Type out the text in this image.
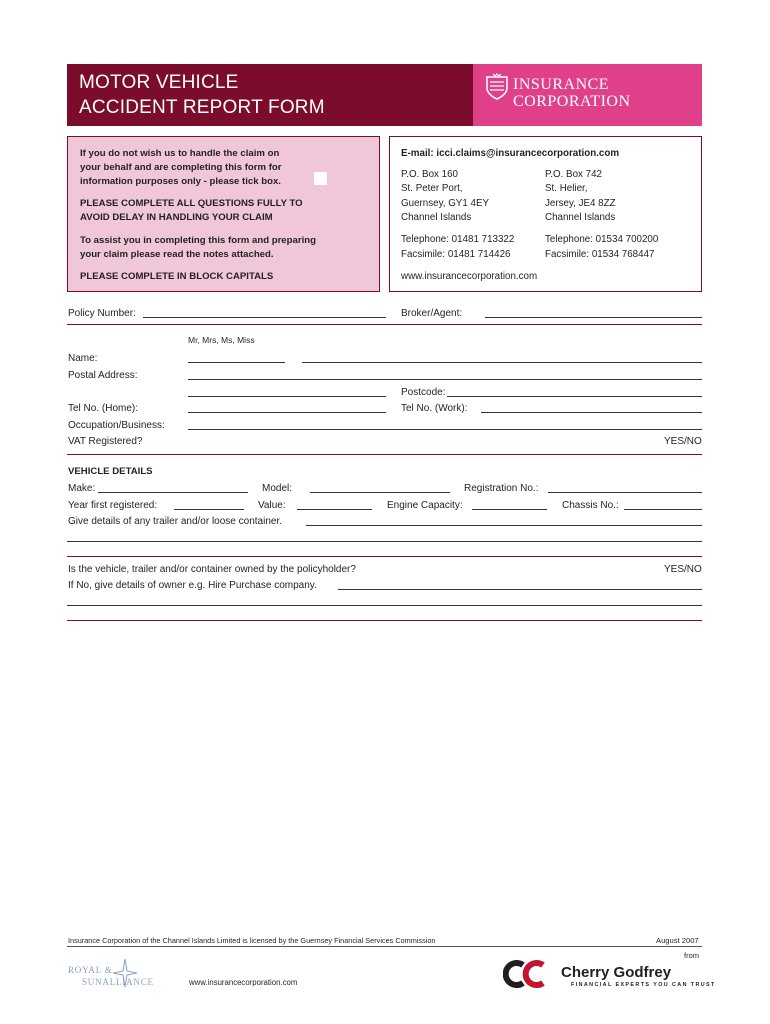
MOTOR VEHICLE
ACCIDENT REPORT FORM
INSURANCE
CORPORATION
If you do not wish us to handle the claim on
your behalf and are completing this form for
information purposes only - please tick box.
PLEASE COMPLETE ALL QUESTIONS FULLY TO
AVOID DELAY IN HANDLING YOUR CLAIM
To assist you in completing this form and preparing
your claim please read the notes attached.
PLEASE COMPLETE IN BLOCK CAPITALS
E-mail: icci.claims@insurancecorporation.com
P.O. Box 160
St. Peter Port,
Guernsey, GY1 4EY
Channel Islands
P.O. Box 742
St. Helier,
Jersey, JE4 8ZZ
Channel Islands
Telephone: 01481 713322
Facsimile: 01481 714426
Telephone: 01534 700200
Facsimile: 01534 768447
www.insurancecorporation.com
Policy Number:	Broker/Agent:
Mr, Mrs, Ms, Miss
Name:
Postal Address:
Postcode:
Tel No. (Home):	Tel No. (Work):
Occupation/Business:
VAT Registered?	YES/NO
VEHICLE DETAILS
Make:	Model:	Registration No.:
Year first registered:	Value:	Engine Capacity:	Chassis No.:
Give details of any trailer and/or loose container.
Is the vehicle, trailer and/or container owned by the policyholder?	YES/NO
If No, give details of owner e.g. Hire Purchase company.
Insurance Corporation of the Channel Islands Limited is licensed by the Guernsey Financial Services Commission	August 2007
ROYAL &
SUNALLIANCE	www.insurancecorporation.com
from
Cherry Godfrey
FINANCIAL EXPERTS YOU CAN TRUST
